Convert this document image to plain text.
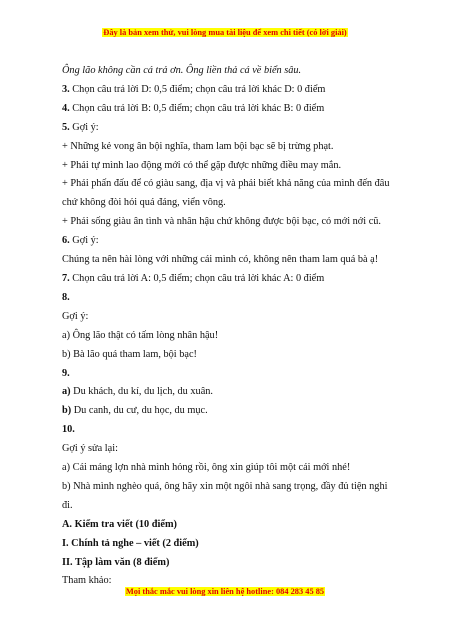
Đây là bản xem thử, vui lòng mua tài liệu để xem chi tiết (có lời giải)

Ông lão không cần cá trả ơn. Ông liền thả cá về biển sâu.

3. Chọn câu trả lời D: 0,5 điểm; chọn câu trả lời khác D: 0 điểm

4. Chọn câu trả lời B: 0,5 điểm; chọn câu trả lời khác B: 0 điểm

5. Gợi ý:

+ Những kẻ vong ân bội nghĩa, tham lam bội bạc sẽ bị trừng phạt.

+ Phải tự mình lao động mới có thể gặp được những điều may mắn.

+ Phải phấn đấu để có giàu sang, địa vị và phải biết khả năng của mình đến đâu chứ không đòi hỏi quá đáng, viển vông.

+ Phải sống giàu ân tình và nhân hậu chứ không được bội bạc, có mới nới cũ.

6. Gợi ý:

Chúng ta nên hài lòng với những cái mình có, không nên tham lam quá bà ạ!

7. Chọn câu trả lời A: 0,5 điểm; chọn câu trả lời khác A: 0 điểm

8.

Gợi ý:

a) Ông lão thật có tấm lòng nhân hậu!

b) Bà lão quá tham lam, bội bạc!

9.

a) Du khách, du kí, du lịch, du xuân.

b) Du canh, du cư, du học, du mục.

10.

Gợi ý sửa lại:

a) Cái máng lợn nhà mình hỏng rồi, ông xin giúp tôi một cái mới nhé!

b) Nhà mình nghèo quá, ông hãy xin một ngôi nhà sang trọng, đầy đủ tiện nghi đi.

A. Kiểm tra viết (10 điểm)

I. Chính tả nghe – viết (2 điểm)

II. Tập làm văn (8 điểm)

Tham khảo:

Mọi thắc mắc vui lòng xin liên hệ hotline: 084 283 45 85
